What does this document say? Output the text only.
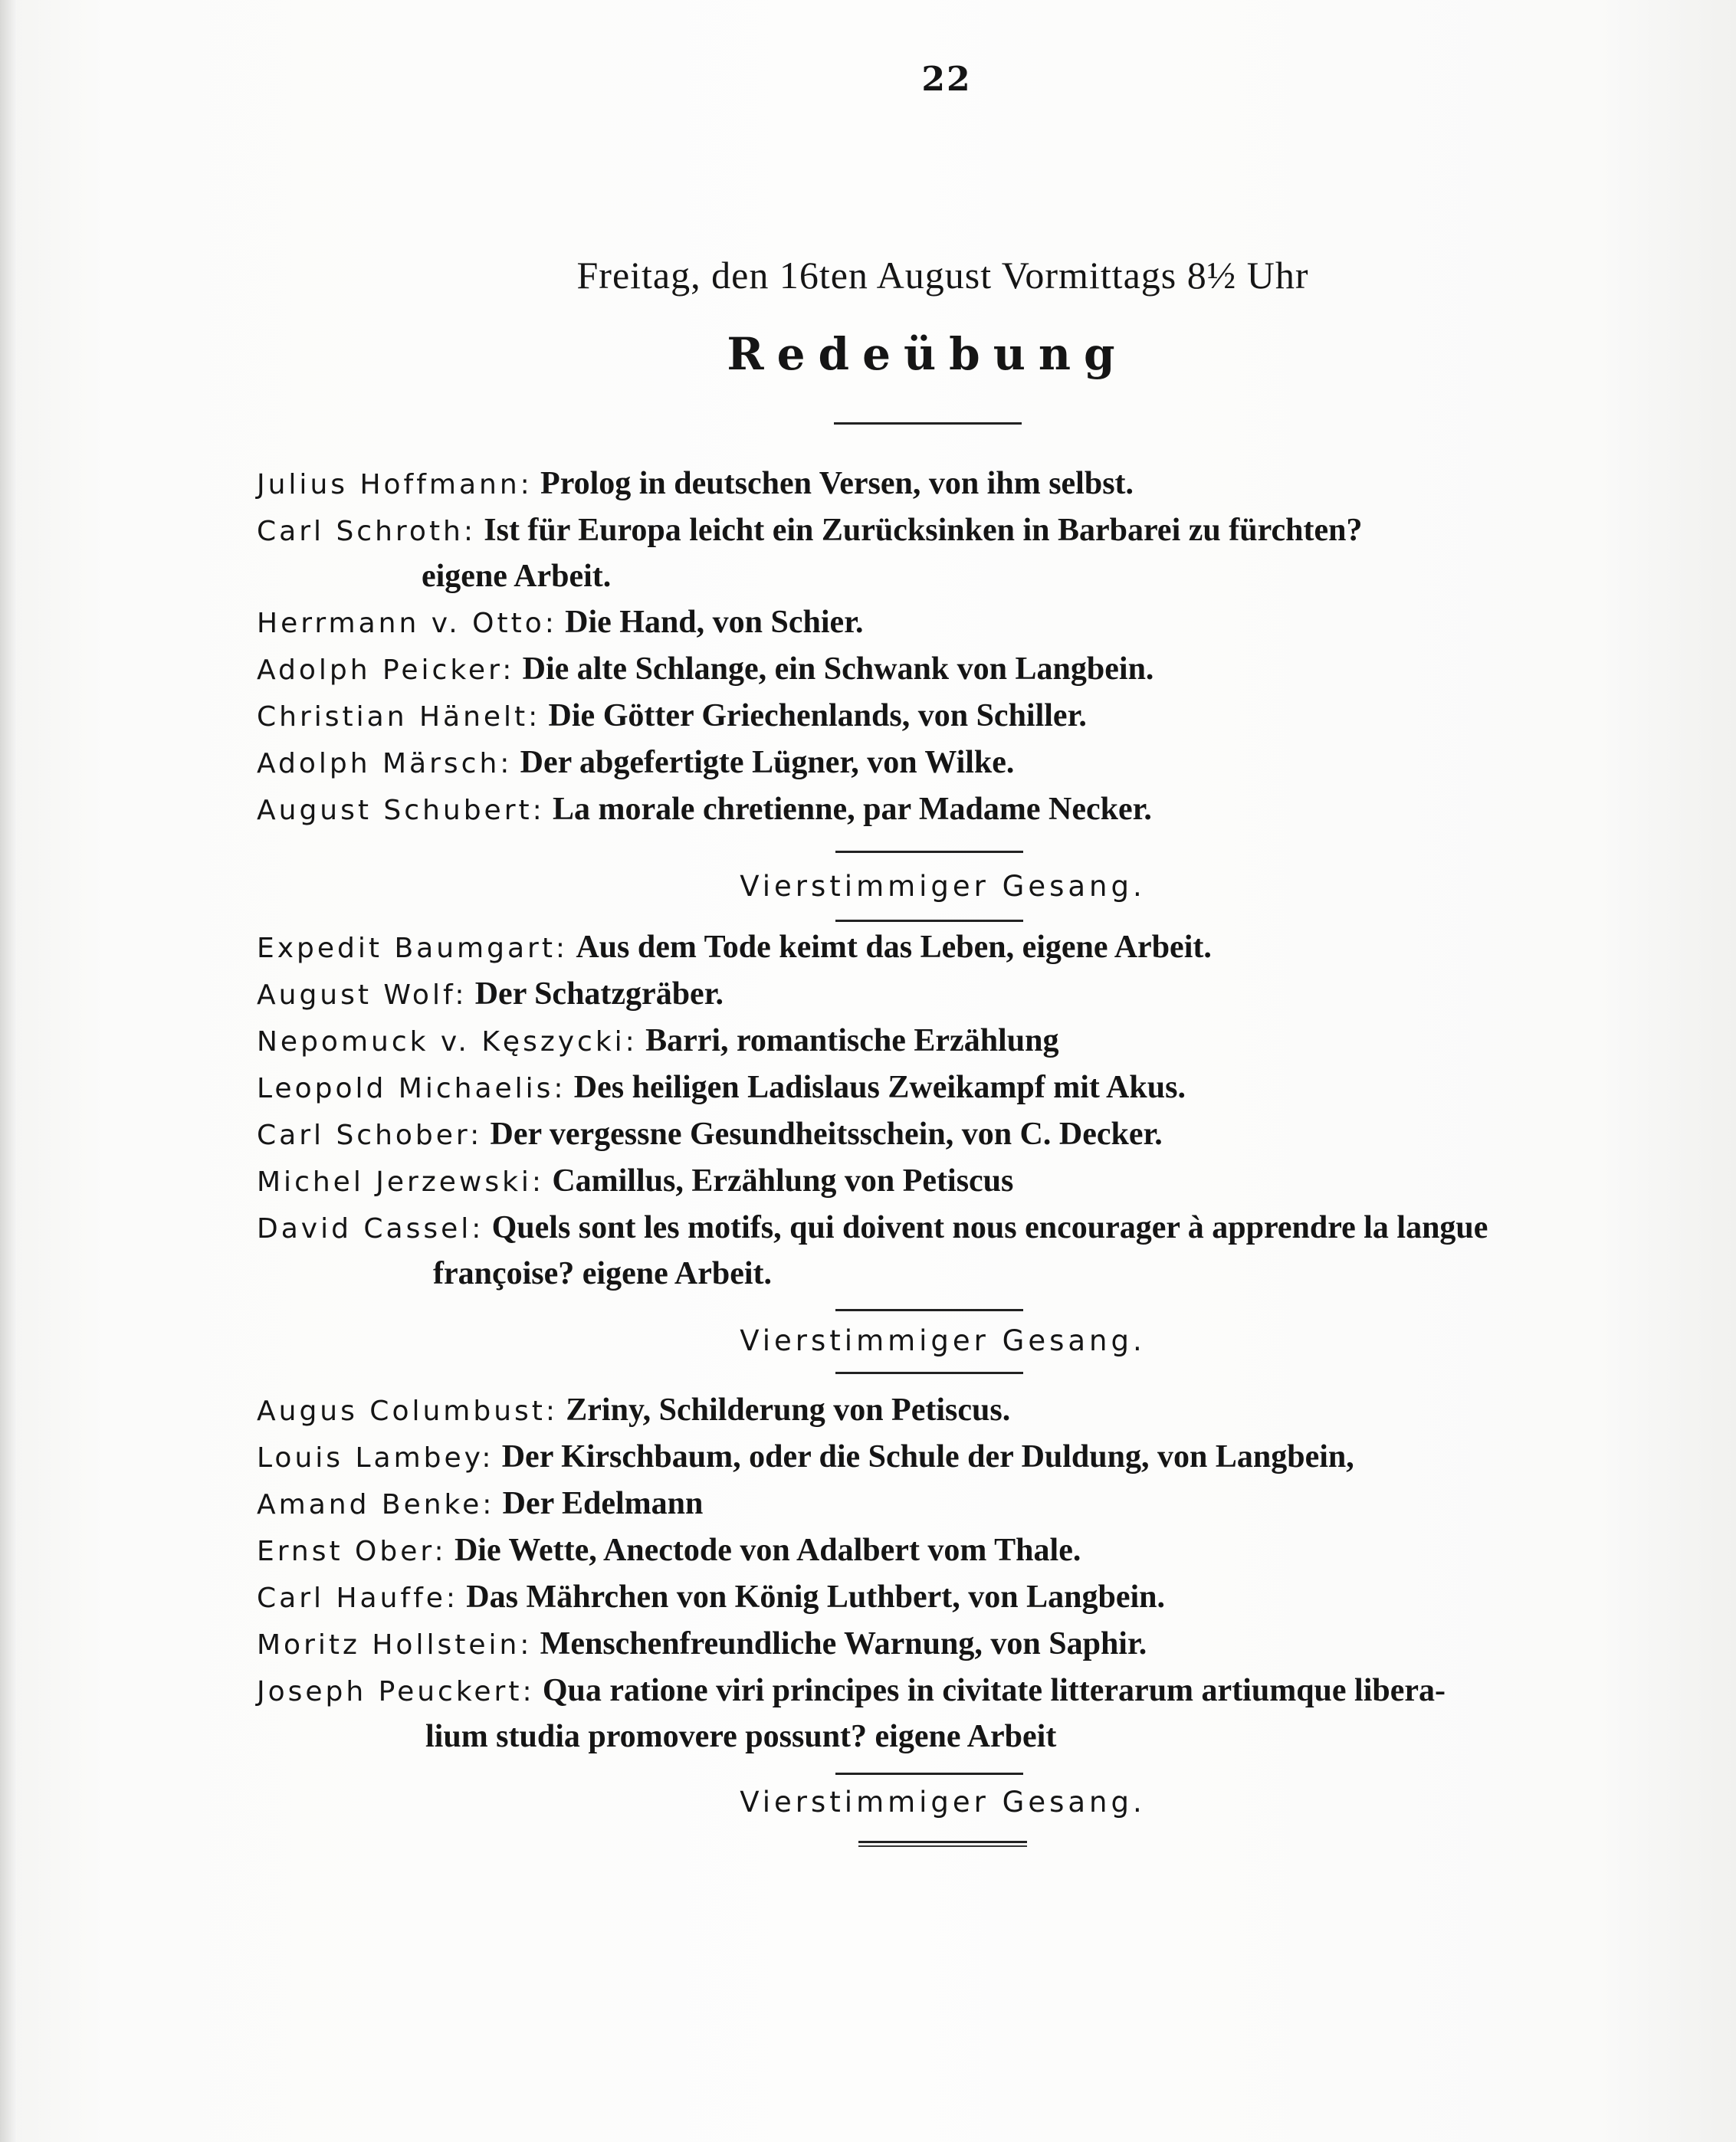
22
Freitag, den 16ten August Vormittags 8½ Uhr
Redeübung

Julius Hoffmann: Prolog in deutschen Versen, von ihm selbst.

Carl Schroth: Ist für Europa leicht ein Zurücksinken in Barbarei zu fürchten?
eigene Arbeit.

Herrmann v. Otto: Die Hand, von Schier.

Adolph Peicker: Die alte Schlange, ein Schwank von Langbein.

Christian Hänelt: Die Götter Griechenlands, von Schiller.

Adolph Märsch: Der abgefertigte Lügner, von Wilke.

August Schubert: La morale chretienne, par Madame Necker.

Vierstimmiger Gesang.

Expedit Baumgart: Aus dem Tode keimt das Leben, eigene Arbeit.

August Wolf: Der Schatzgräber.

Nepomuck v. Kęszycki: Barri, romantische Erzählung

Leopold Michaelis: Des heiligen Ladislaus Zweikampf mit Akus.

Carl Schober: Der vergessne Gesundheitsschein, von C. Decker.

Michel Jerzewski: Camillus, Erzählung von Petiscus

David Cassel: Quels sont les motifs, qui doivent nous encourager à apprendre la langue
françoise? eigene Arbeit.

Vierstimmiger Gesang.

Augus Columbust: Zriny, Schilderung von Petiscus.

Louis Lambey: Der Kirschbaum, oder die Schule der Duldung, von Langbein,

Amand Benke: Der Edelmann

Ernst Ober: Die Wette, Anectode von Adalbert vom Thale.

Carl Hauffe: Das Mährchen von König Luthbert, von Langbein.

Moritz Hollstein: Menschenfreundliche Warnung, von Saphir.

Joseph Peuckert: Qua ratione viri principes in civitate litterarum artiumque libera-
lium studia promovere possunt? eigene Arbeit

Vierstimmiger Gesang.
